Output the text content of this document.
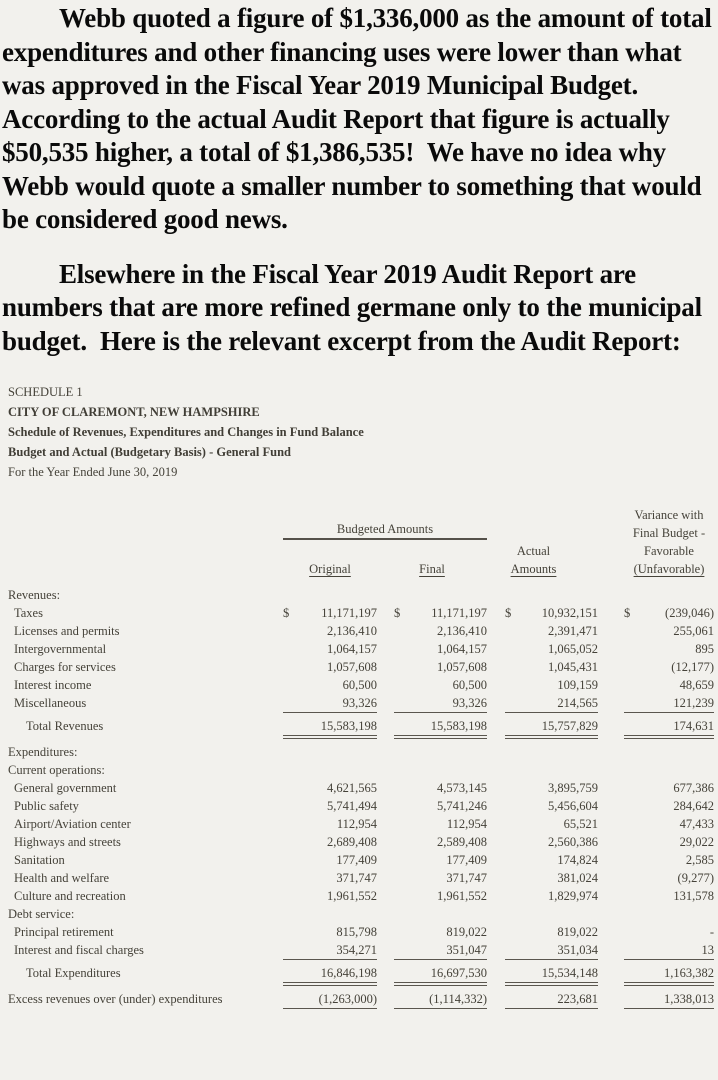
Webb quoted a figure of $1,336,000 as the amount of total expenditures and other financing uses were lower than what was approved in the Fiscal Year 2019 Municipal Budget.  According to the actual Audit Report that figure is actually $50,535 higher, a total of $1,386,535!  We have no idea why Webb would quote a smaller number to something that would be considered good news.

Elsewhere in the Fiscal Year 2019 Audit Report are numbers that are more refined germane only to the municipal budget.  Here is the relevant excerpt from the Audit Report:

SCHEDULE 1
CITY OF CLAREMONT, NEW HAMPSHIRE
Schedule of Revenues, Expenditures and Changes in Fund Balance
Budget and Actual (Budgetary Basis) - General Fund
For the Year Ended June 30, 2019
Budgeted Amounts
Original	Final
Actual
Amounts
Variance with
Final Budget -
Favorable
(Unfavorable)
Revenues:
Taxes	$	11,171,197 $ 11,171,197 $ 10,932,151 $	(239,046)
Licenses and permits	2,136,410	2,136,410	2,391,471	255,061
Intergovernmental	1,064,157	1,064,157	1,065,052	895
Charges for services	1,057,608	1,057,608	1,045,431	(12,177)
Interest income	60,500	60,500	109,159	48,659
Miscellaneous	93,326	93,326	214,565	121,239
Total Revenues	15,583,198	15,583,198	15,757,829	174,631
Expenditures:
Current operations:
General government	4,621,565	4,573,145	3,895,759	677,386
Public safety	5,741,494	5,741,246	5,456,604	284,642
Airport/Aviation center	112,954	112,954	65,521	47,433
Highways and streets	2,689,408	2,589,408	2,560,386	29,022
Sanitation	177,409	177,409	174,824	2,585
Health and welfare	371,747	371,747	381,024	(9,277)
Culture and recreation	1,961,552	1,961,552	1,829,974	131,578
Debt service:
Principal retirement	815,798	819,022	819,022	-
Interest and fiscal charges	354,271	351,047	351,034	13
Total Expenditures	16,846,198	16,697,530	15,534,148	1,163,382
Excess revenues over (under) expenditures	(1,263,000)	(1,114,332)	223,681	1,338,013
